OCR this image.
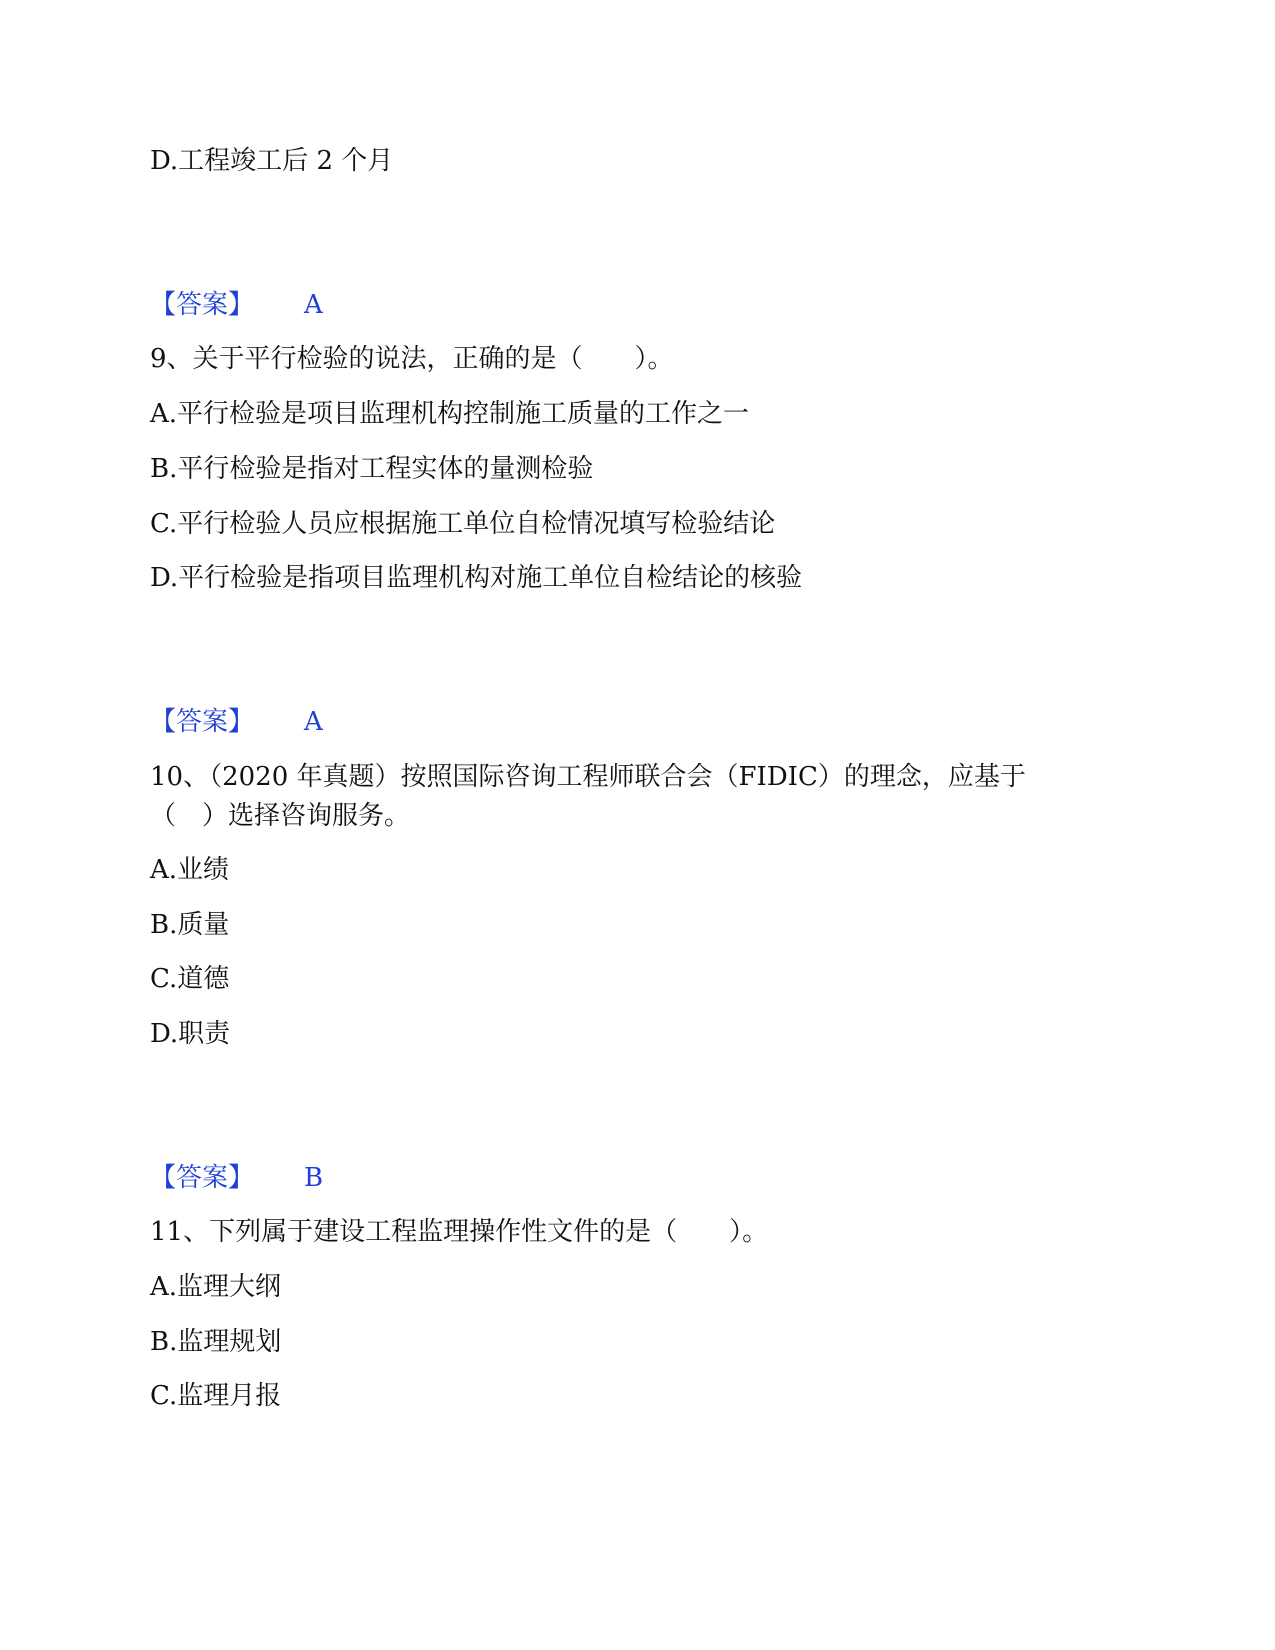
D.工程竣工后 2 个月

【答案】 A

9、关于平行检验的说法，正确的是（　　）。

A.平行检验是项目监理机构控制施工质量的工作之一

B.平行检验是指对工程实体的量测检验

C.平行检验人员应根据施工单位自检情况填写检验结论

D.平行检验是指项目监理机构对施工单位自检结论的核验

【答案】 A

10、（2020 年真题）按照国际咨询工程师联合会（FIDIC）的理念，应基于

（　）选择咨询服务。

A.业绩

B.质量

C.道德

D.职责

【答案】 B

11、下列属于建设工程监理操作性文件的是（　　）。

A.监理大纲

B.监理规划

C.监理月报
